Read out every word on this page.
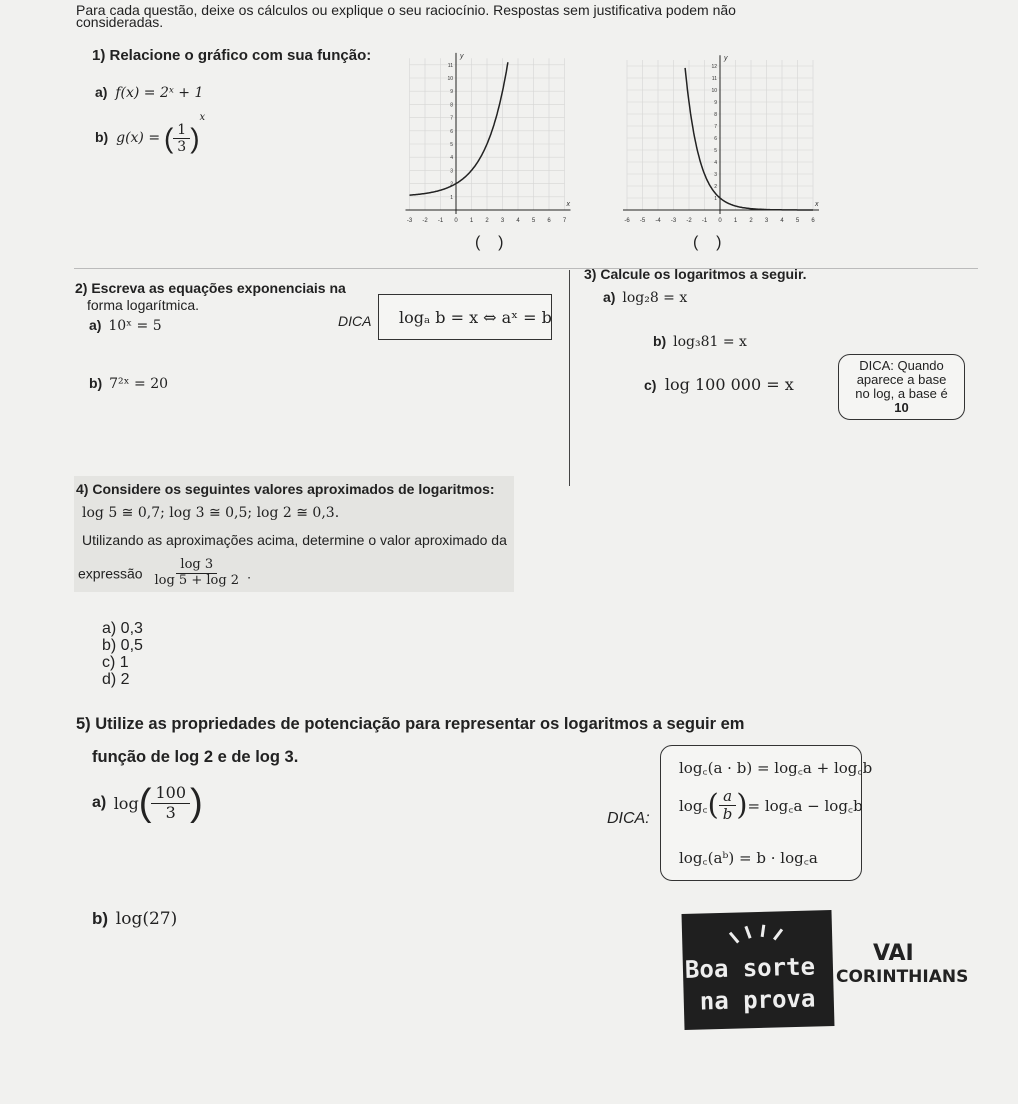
Para cada questão, deixe os cálculos ou explique o seu raciocínio. Respostas sem justificativa podem não
consideradas.
1) Relacione o gráfico com sua função:
a) f(x) = 2ˣ + 1
b) g(x) = ( $\frac{1}{3} )^x$
-3 -2 -1 0 1 2 3 4 5 6 7
1
2
3
4
5
6
7
8
9
10
11
x
y
(    )
-6 -5 -4 -3 -2 -1 0 1 2 3 4 5 6
1
2
3
4
5
6
7
8
9
10
11
12
x
y
(    )
2) Escreva as equações exponenciais na
forma logarítmica.
a) 10ˣ = 5	DICA logₐ b = x ⇔ aˣ = b
b) 7²ˣ = 20
3) Calcule os logaritmos a seguir.
a) log₂8 = x
b) log₃81 = x
c) log 100 000 = x
DICA: Quando
aparece a base
no log, a base é
10
4) Considere os seguintes valores aproximados de logaritmos:
log 5 ≅ 0,7; log 3 ≅ 0,5; log 2 ≅ 0,3.
Utilizando as aproximações acima, determine o valor aproximado da
expressão $\frac{\log 3}{\log 5 + \log 2}$ .
a) 0,3
b) 0,5
c) 1
d) 2
5) Utilize as propriedades de potenciação para representar os logaritmos a seguir em
função de log 2 e de log 3.
a) $\log( \frac{100}{3}$ )
b) log(27)
DICA:
log꜀(a · b) = log꜀a + log꜀b
log꜀( $\frac{a}{b}$ )= log꜀a − log꜀b
log꜀(aᵇ) = b · log꜀a
Boa sorte
na prova
VAI
CORINTHIANS
